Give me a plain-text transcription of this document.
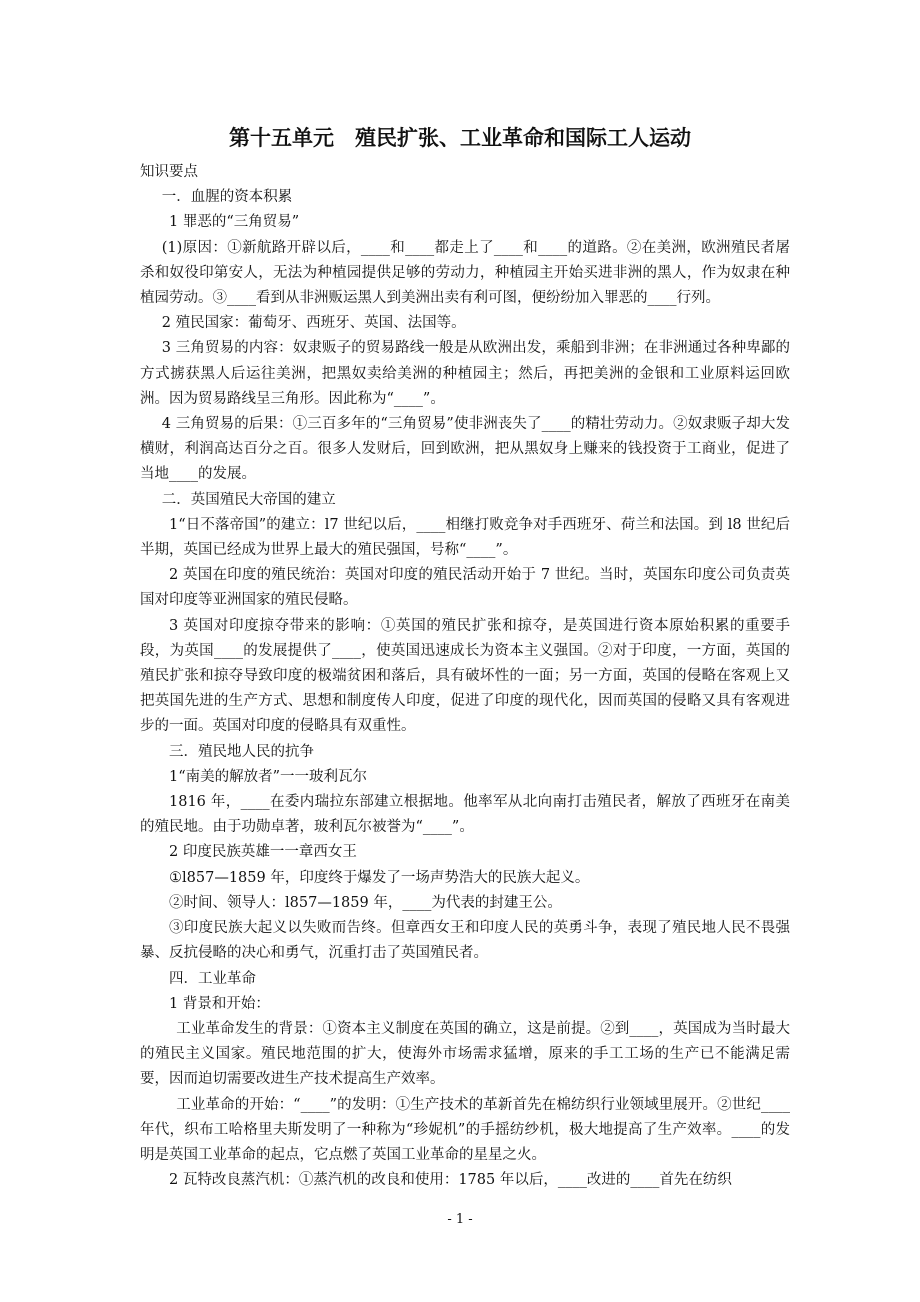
第十五单元　殖民扩张、工业革命和国际工人运动

知识要点

一．血腥的资本积累

1 罪恶的“三角贸易”

(1)原因：①新航路开辟以后，____和____都走上了____和____的道路。②在美洲，欧洲殖民者屠杀和奴役印第安人，无法为种植园提供足够的劳动力，种植园主开始买进非洲的黑人，作为奴隶在种植园劳动。③____看到从非洲贩运黑人到美洲出卖有利可图，便纷纷加入罪恶的____行列。

2 殖民国家：葡萄牙、西班牙、英国、法国等。

3 三角贸易的内容：奴隶贩子的贸易路线一般是从欧洲出发，乘船到非洲；在非洲通过各种卑鄙的方式掳获黑人后运往美洲，把黑奴卖给美洲的种植园主；然后，再把美洲的金银和工业原料运回欧洲。因为贸易路线呈三角形。因此称为“____”。

4 三角贸易的后果：①三百多年的“三角贸易”使非洲丧失了____的精壮劳动力。②奴隶贩子却大发横财，利润高达百分之百。很多人发财后，回到欧洲，把从黑奴身上赚来的钱投资于工商业，促进了当地____的发展。

二．英国殖民大帝国的建立

1“日不落帝国”的建立：l7 世纪以后，____相继打败竞争对手西班牙、荷兰和法国。到 l8 世纪后半期，英国已经成为世界上最大的殖民强国，号称“____”。

2 英国在印度的殖民统治：英国对印度的殖民活动开始于 7 世纪。当时，英国东印度公司负责英国对印度等亚洲国家的殖民侵略。

3 英国对印度掠夺带来的影响：①英国的殖民扩张和掠夺，是英国进行资本原始积累的重要手段，为英国____的发展提供了____，使英国迅速成长为资本主义强国。②对于印度，一方面，英国的殖民扩张和掠夺导致印度的极端贫困和落后，具有破坏性的一面；另一方面，英国的侵略在客观上又把英国先进的生产方式、思想和制度传人印度，促进了印度的现代化，因而英国的侵略又具有客观进步的一面。英国对印度的侵略具有双重性。

三．殖民地人民的抗争

1“南美的解放者”一一玻利瓦尔

1816 年，____在委内瑞拉东部建立根据地。他率军从北向南打击殖民者，解放了西班牙在南美的殖民地。由于功勋卓著，玻利瓦尔被誉为“____”。

2 印度民族英雄一一章西女王

①l857—1859 年，印度终于爆发了一场声势浩大的民族大起义。

②时间、领导人：l857—1859 年，____为代表的封建王公。

③印度民族大起义以失败而告终。但章西女王和印度人民的英勇斗争，表现了殖民地人民不畏强暴、反抗侵略的决心和勇气，沉重打击了英国殖民者。

四．工业革命

1 背景和开始：

工业革命发生的背景：①资本主义制度在英国的确立，这是前提。②到____，英国成为当时最大的殖民主义国家。殖民地范围的扩大，使海外市场需求猛增，原来的手工工场的生产已不能满足需要，因而迫切需要改进生产技术提高生产效率。

工业革命的开始：“____”的发明：①生产技术的革新首先在棉纺织行业领域里展开。②世纪____年代，织布工哈格里夫斯发明了一种称为“珍妮机”的手摇纺纱机，极大地提高了生产效率。____的发明是英国工业革命的起点，它点燃了英国工业革命的星星之火。

2 瓦特改良蒸汽机：①蒸汽机的改良和使用：1785 年以后，____改进的____首先在纺织

- 1 -
